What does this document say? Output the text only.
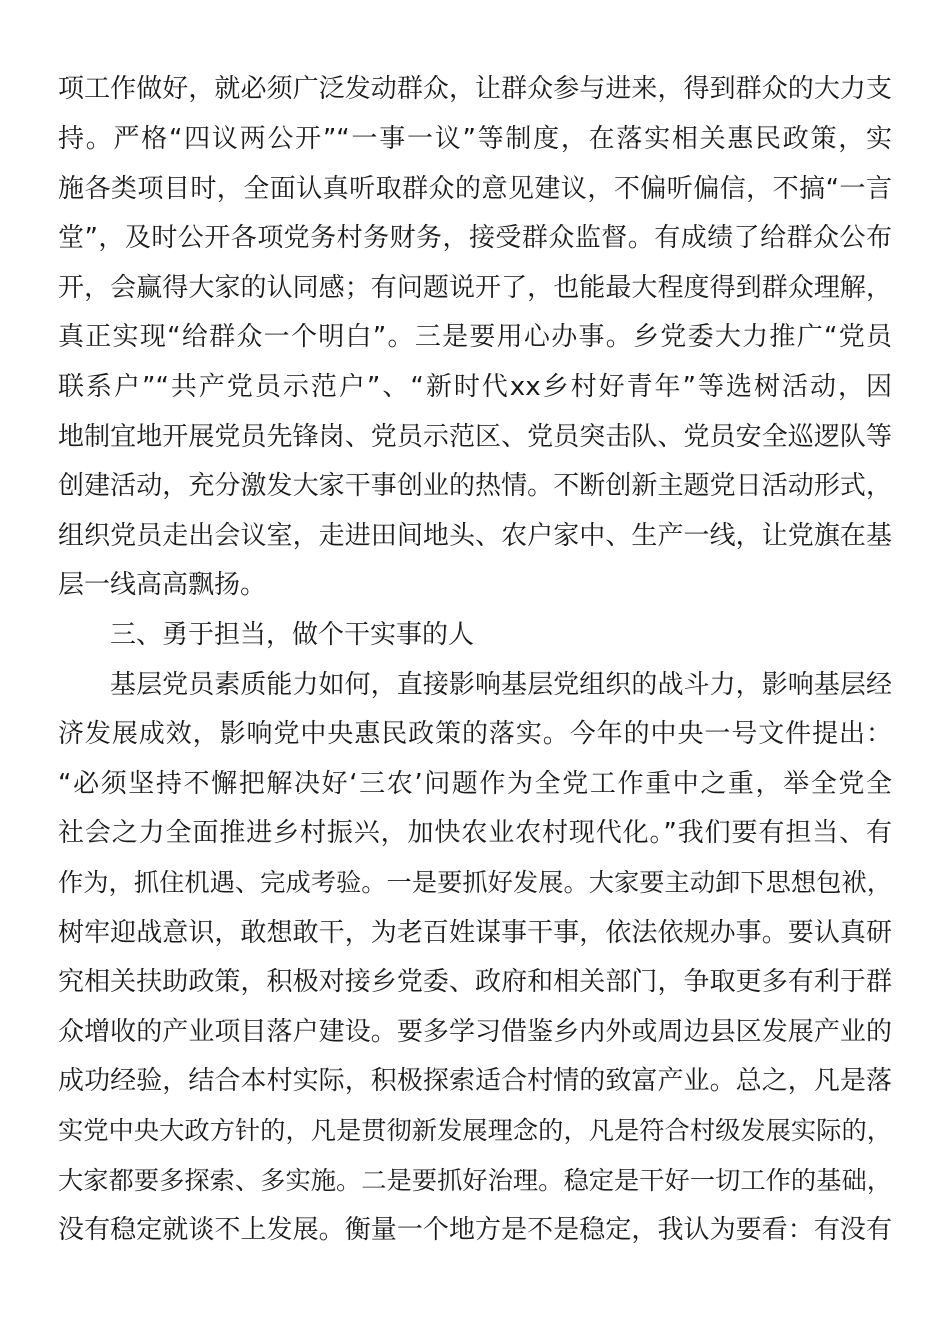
项工作做好，就必须广泛发动群众，让群众参与进来，得到群众的大力支
持。严格“四议两公开”“一事一议”等制度，在落实相关惠民政策，实
施各类项目时，全面认真听取群众的意见建议，不偏听偏信，不搞“一言
堂”，及时公开各项党务村务财务，接受群众监督。有成绩了给群众公布
开，会赢得大家的认同感；有问题说开了，也能最大程度得到群众理解，
真正实现“给群众一个明白”。三是要用心办事。乡党委大力推广“党员
联系户”“共产党员示范户”、“新时代xx乡村好青年”等选树活动，因
地制宜地开展党员先锋岗、党员示范区、党员突击队、党员安全巡逻队等
创建活动，充分激发大家干事创业的热情。不断创新主题党日活动形式，
组织党员走出会议室，走进田间地头、农户家中、生产一线，让党旗在基
层一线高高飘扬。
三、勇于担当，做个干实事的人
基层党员素质能力如何，直接影响基层党组织的战斗力，影响基层经
济发展成效，影响党中央惠民政策的落实。今年的中央一号文件提出：
“必须坚持不懈把解决好‘三农’问题作为全党工作重中之重，举全党全
社会之力全面推进乡村振兴，加快农业农村现代化。”我们要有担当、有
作为，抓住机遇、完成考验。一是要抓好发展。大家要主动卸下思想包袱，
树牢迎战意识，敢想敢干，为老百姓谋事干事，依法依规办事。要认真研
究相关扶助政策，积极对接乡党委、政府和相关部门，争取更多有利于群
众增收的产业项目落户建设。要多学习借鉴乡内外或周边县区发展产业的
成功经验，结合本村实际，积极探索适合村情的致富产业。总之，凡是落
实党中央大政方针的，凡是贯彻新发展理念的，凡是符合村级发展实际的，
大家都要多探索、多实施。二是要抓好治理。稳定是干好一切工作的基础，
没有稳定就谈不上发展。衡量一个地方是不是稳定，我认为要看：有没有
